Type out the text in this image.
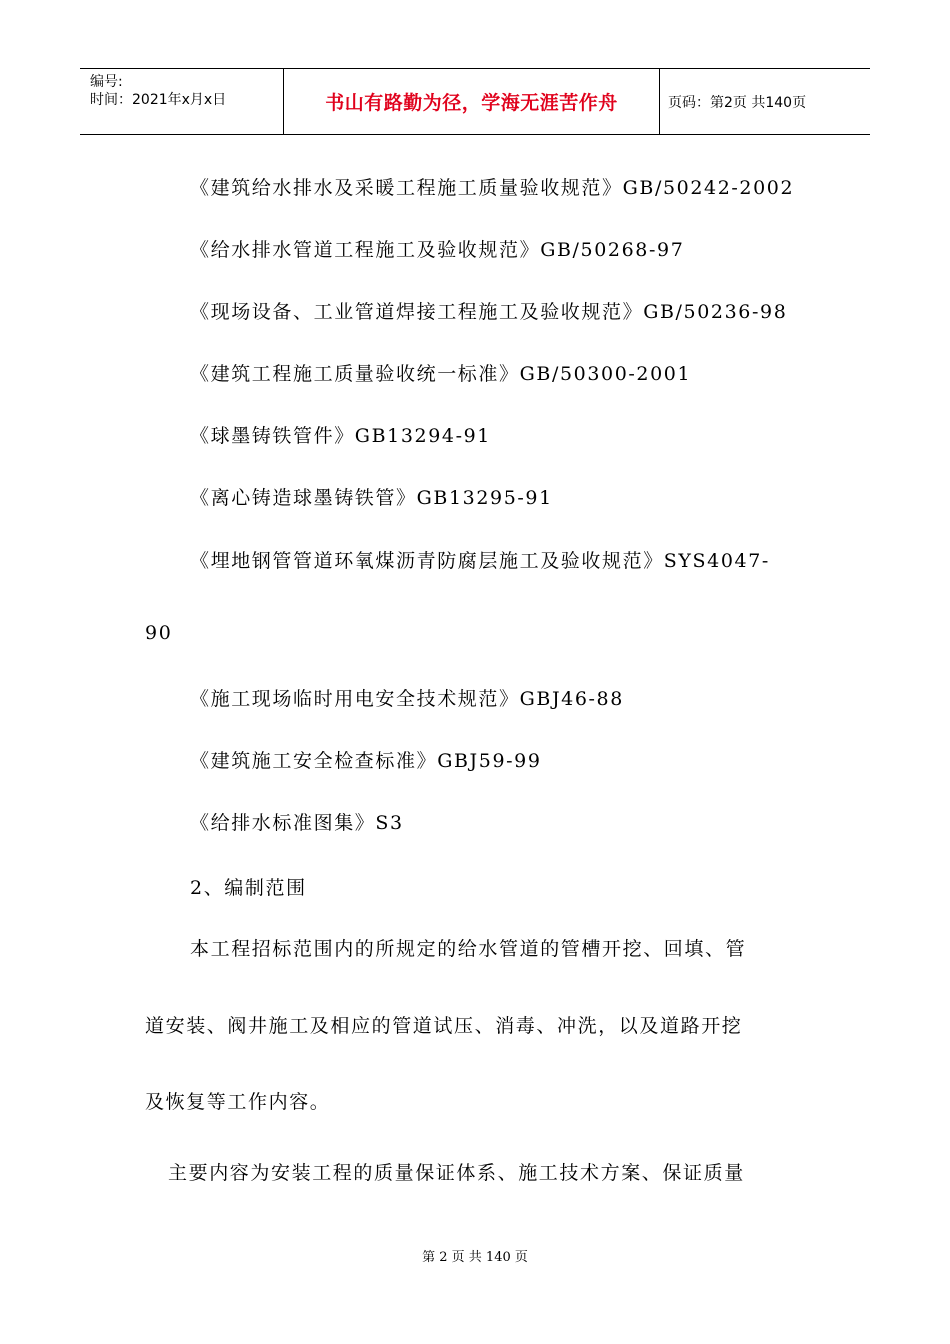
编号:
时间：2021年x月x日	书山有路勤为径，学海无涯苦作舟	页码：第2页 共140页
《建筑给水排水及采暖工程施工质量验收规范》GB/50242-2002
《给水排水管道工程施工及验收规范》GB/50268-97
《现场设备、工业管道焊接工程施工及验收规范》GB/50236-98
《建筑工程施工质量验收统一标准》GB/50300-2001
《球墨铸铁管件》GB13294-91
《离心铸造球墨铸铁管》GB13295-91
《埋地钢管管道环氧煤沥青防腐层施工及验收规范》SYS4047-
90
《施工现场临时用电安全技术规范》GBJ46-88
《建筑施工安全检查标准》GBJ59-99
《给排水标准图集》S3
2、编制范围
本工程招标范围内的所规定的给水管道的管槽开挖、回填、管
道安装、阀井施工及相应的管道试压、消毒、冲洗，以及道路开挖
及恢复等工作内容。
主要内容为安装工程的质量保证体系、施工技术方案、保证质量
第 2 页 共 140 页
